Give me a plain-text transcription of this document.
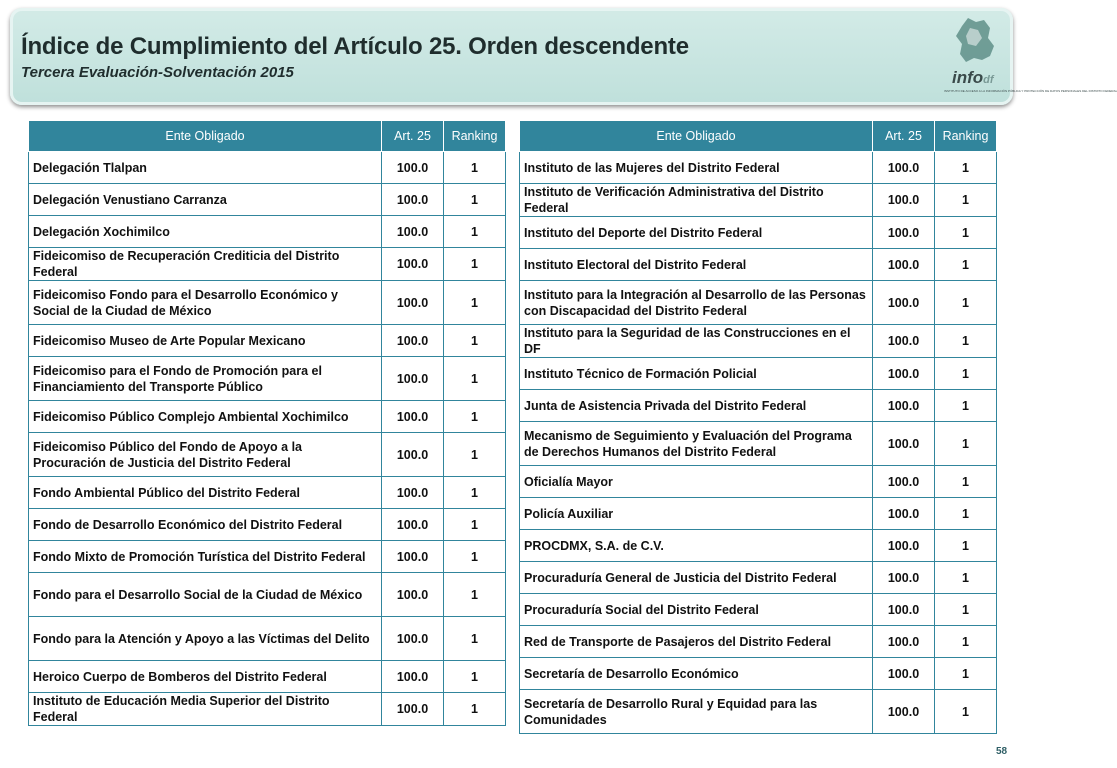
Índice de Cumplimiento del Artículo 25. Orden descendente
Tercera Evaluación-Solventación 2015	infodf
INSTITUTO DE ACCESO A LA INFORMACIÓN PÚBLICA Y PROTECCIÓN DE DATOS PERSONALES DEL DISTRITO FEDERAL
Ente Obligado	Art. 25	Ranking
Delegación Tlalpan	100.0	1
Delegación Venustiano Carranza	100.0	1
Delegación Xochimilco	100.0	1
Fideicomiso de Recuperación Crediticia del Distrito Federal	100.0	1
Fideicomiso Fondo para el Desarrollo Económico y Social de la Ciudad de México	100.0	1
Fideicomiso Museo de Arte Popular Mexicano	100.0	1
Fideicomiso para el Fondo de Promoción para el Financiamiento del Transporte Público	100.0	1
Fideicomiso Público Complejo Ambiental Xochimilco	100.0	1
Fideicomiso Público del Fondo de Apoyo a la Procuración de Justicia del Distrito Federal	100.0	1
Fondo Ambiental Público del Distrito Federal	100.0	1
Fondo de Desarrollo Económico del Distrito Federal	100.0	1
Fondo Mixto de Promoción Turística del Distrito Federal	100.0	1
Fondo para el Desarrollo Social de la Ciudad de México	100.0	1
Fondo para la Atención y Apoyo a las Víctimas del Delito	100.0	1
Heroico Cuerpo de Bomberos del Distrito Federal	100.0	1
Instituto de Educación Media Superior del Distrito Federal	100.0	1
Ente Obligado	Art. 25	Ranking
Instituto de las Mujeres del Distrito Federal	100.0	1
Instituto de Verificación Administrativa del Distrito Federal	100.0	1
Instituto del Deporte del Distrito Federal	100.0	1
Instituto Electoral del Distrito Federal	100.0	1
Instituto para la Integración al Desarrollo de las Personas con Discapacidad del Distrito Federal	100.0	1
Instituto para la Seguridad de las Construcciones en el DF	100.0	1
Instituto Técnico de Formación Policial	100.0	1
Junta de Asistencia Privada del Distrito Federal	100.0	1
Mecanismo de Seguimiento y Evaluación del Programa de Derechos Humanos del Distrito Federal	100.0	1
Oficialía Mayor	100.0	1
Policía Auxiliar	100.0	1
PROCDMX, S.A. de C.V.	100.0	1
Procuraduría General de Justicia del Distrito Federal	100.0	1
Procuraduría Social del Distrito Federal	100.0	1
Red de Transporte de Pasajeros del Distrito Federal	100.0	1
Secretaría de Desarrollo Económico	100.0	1
Secretaría de Desarrollo Rural y Equidad para las Comunidades	100.0	1
58
